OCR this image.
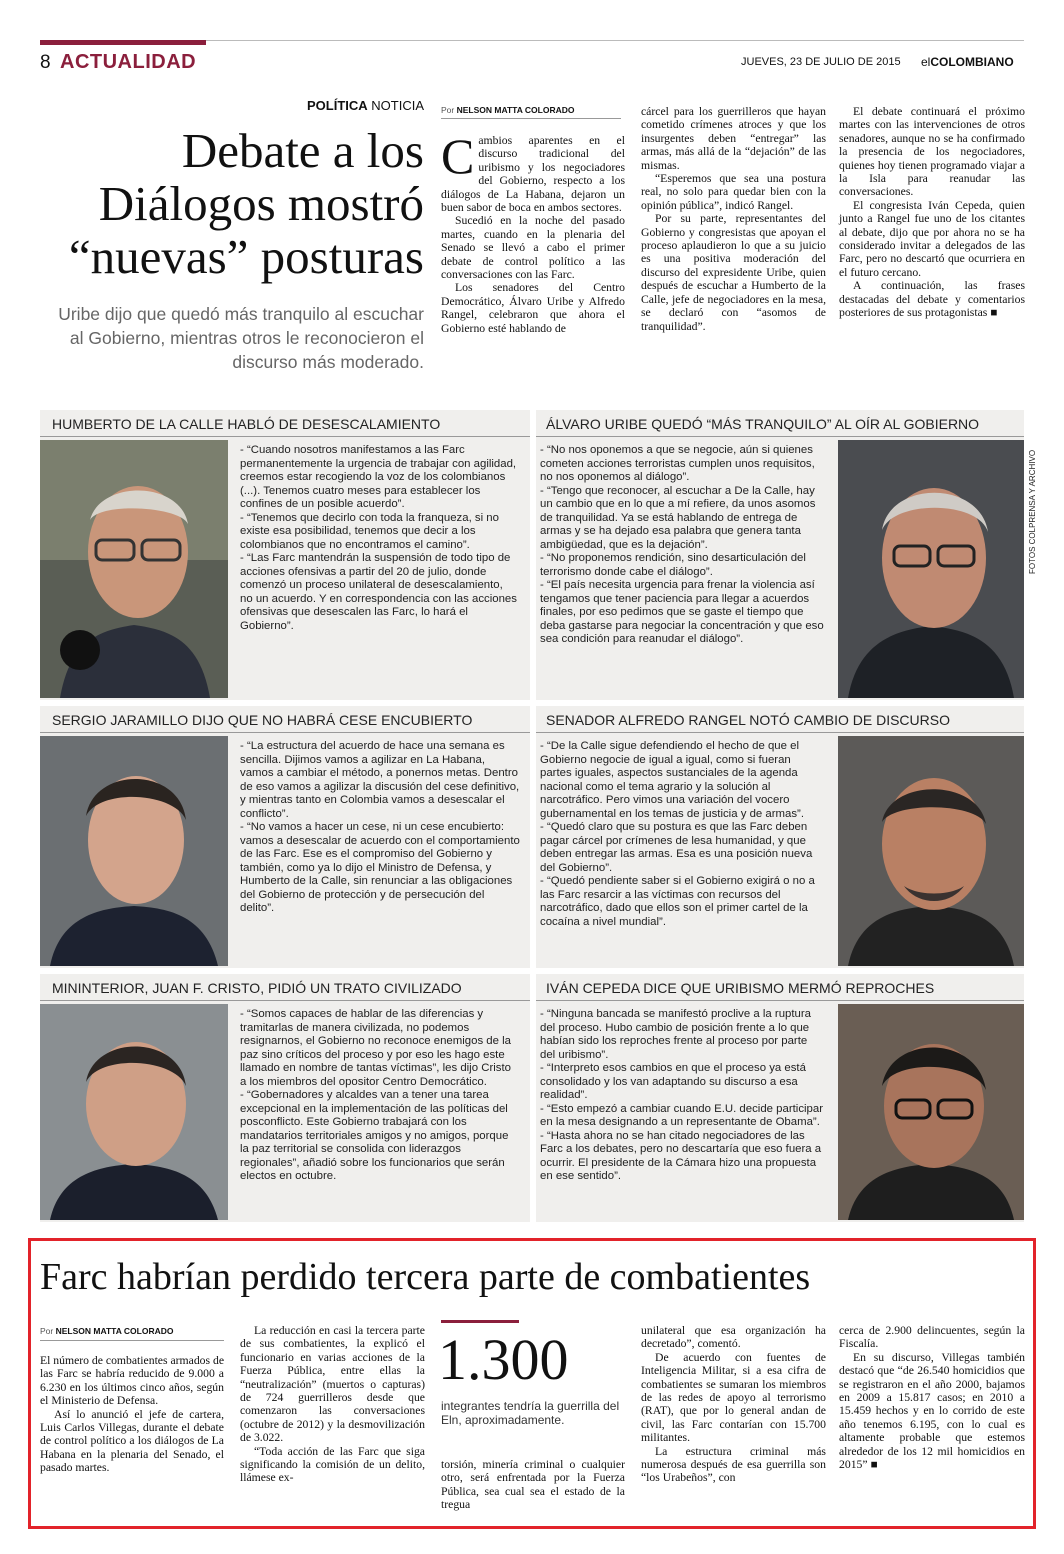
8 ACTUALIDAD	JUEVES, 23 DE JULIO DE 2015 elCOLOMBIANO
POLÍTICA NOTICIA
Debate a los
Diálogos mostró
“nuevas” posturas
Uribe dijo que quedó más tranquilo al escuchar al Gobierno, mientras otros le reconocieron el discurso más moderado.
Por NELSON MATTA COLORADO

Cambios aparentes en el discurso tradicional del uribismo y los negociadores del Gobierno, respecto a los diálogos de La Habana, dejaron un buen sabor de boca en ambos sectores.

Sucedió en la noche del pasado martes, cuando en la plenaria del Senado se llevó a cabo el primer debate de control político a las conversaciones con las Farc.

Los senadores del Centro Democrático, Álvaro Uribe y Alfredo Rangel, celebraron que ahora el Gobierno esté hablando de

cárcel para los guerrilleros que hayan cometido crímenes atroces y que los insurgentes deben “entregar” las armas, más allá de la “dejación” de las mismas.

“Esperemos que sea una postura real, no solo para quedar bien con la opinión pública”, indicó Rangel.

Por su parte, representantes del Gobierno y congresistas que apoyan el proceso aplaudieron lo que a su juicio es una positiva moderación del discurso del expresidente Uribe, quien después de escuchar a Humberto de la Calle, jefe de negociadores en la mesa, se declaró con “asomos de tranquilidad”.

El debate continuará el próximo martes con las intervenciones de otros senadores, aunque no se ha confirmado la presencia de los negociadores, quienes hoy tienen programado viajar a la Isla para reanudar las conversaciones.

El congresista Iván Cepeda, quien junto a Rangel fue uno de los citantes al debate, dijo que por ahora no se ha considerado invitar a delegados de las Farc, pero no descartó que ocurriera en el futuro cercano.

A continuación, las frases destacadas del debate y comentarios posteriores de sus protagonistas ■

HUMBERTO DE LA CALLE HABLÓ DE DESESCALAMIENTO

- “Cuando nosotros manifestamos a las Farc permanentemente la urgencia de trabajar con agilidad, creemos estar recogiendo la voz de los colombianos (...). Tenemos cuatro meses para establecer los confines de un posible acuerdo”.

- “Tenemos que decirlo con toda la franqueza, si no existe esa posibilidad, tenemos que decir a los colombianos que no encontramos el camino”.

- “Las Farc mantendrán la suspensión de todo tipo de acciones ofensivas a partir del 20 de julio, donde comenzó un proceso unilateral de desescalamiento, no un acuerdo. Y en correspondencia con las acciones ofensivas que desescalen las Farc, lo hará el Gobierno”.

ÁLVARO URIBE QUEDÓ “MÁS TRANQUILO” AL OÍR AL GOBIERNO

- “No nos oponemos a que se negocie, aún si quienes cometen acciones terroristas cumplen unos requisitos, no nos oponemos al diálogo”.

- “Tengo que reconocer, al escuchar a De la Calle, hay un cambio que en lo que a mí refiere, da unos asomos de tranquilidad. Ya se está hablando de entrega de armas y se ha dejado esa palabra que genera tanta ambigüedad, que es la dejación”.

- “No proponemos rendición, sino desarticulación del terrorismo donde cabe el diálogo”.

- “El país necesita urgencia para frenar la violencia así tengamos que tener paciencia para llegar a acuerdos finales, por eso pedimos que se gaste el tiempo que deba gastarse para negociar la concentración y que eso sea condición para reanudar el diálogo”.

FOTOS COLPRENSA Y ARCHIVO
SERGIO JARAMILLO DIJO QUE NO HABRÁ CESE ENCUBIERTO

- “La estructura del acuerdo de hace una semana es sencilla. Dijimos vamos a agilizar en La Habana, vamos a cambiar el método, a ponernos metas. Dentro de eso vamos a agilizar la discusión del cese definitivo, y mientras tanto en Colombia vamos a desescalar el conflicto”.

- “No vamos a hacer un cese, ni un cese encubierto: vamos a desescalar de acuerdo con el comportamiento de las Farc. Ese es el compromiso del Gobierno y también, como ya lo dijo el Ministro de Defensa, y Humberto de la Calle, sin renunciar a las obligaciones del Gobierno de protección y de persecución del delito”.

SENADOR ALFREDO RANGEL NOTÓ CAMBIO DE DISCURSO

- “De la Calle sigue defendiendo el hecho de que el Gobierno negocie de igual a igual, como si fueran partes iguales, aspectos sustanciales de la agenda nacional como el tema agrario y la solución al narcotráfico. Pero vimos una variación del vocero gubernamental en los temas de justicia y de armas”.

- “Quedó claro que su postura es que las Farc deben pagar cárcel por crímenes de lesa humanidad, y que deben entregar las armas. Esa es una posición nueva del Gobierno”.

- “Quedó pendiente saber si el Gobierno exigirá o no a las Farc resarcir a las víctimas con recursos del narcotráfico, dado que ellos son el primer cartel de la cocaína a nivel mundial”.

MININTERIOR, JUAN F. CRISTO, PIDIÓ UN TRATO CIVILIZADO

- “Somos capaces de hablar de las diferencias y tramitarlas de manera civilizada, no podemos resignarnos, el Gobierno no reconoce enemigos de la paz sino críticos del proceso y por eso les hago este llamado en nombre de tantas víctimas”, les dijo Cristo a los miembros del opositor Centro Democrático.

- “Gobernadores y alcaldes van a tener una tarea excepcional en la implementación de las políticas del posconflicto. Este Gobierno trabajará con los mandatarios territoriales amigos y no amigos, porque la paz territorial se consolida con liderazgos regionales”, añadió sobre los funcionarios que serán electos en octubre.

IVÁN CEPEDA DICE QUE URIBISMO MERMÓ REPROCHES

- “Ninguna bancada se manifestó proclive a la ruptura del proceso. Hubo cambio de posición frente a lo que habían sido los reproches frente al proceso por parte del uribismo”.

- “Interpreto esos cambios en que el proceso ya está consolidado y los van adaptando su discurso a esa realidad”.

- “Esto empezó a cambiar cuando E.U. decide participar en la mesa designando a un representante de Obama”.

- “Hasta ahora no se han citado negociadores de las Farc a los debates, pero no descartaría que eso fuera a ocurrir. El presidente de la Cámara hizo una propuesta en ese sentido”.

Farc habrían perdido tercera parte de combatientes
Por NELSON MATTA COLORADO

El número de combatientes armados de las Farc se habría reducido de 9.000 a 6.230 en los últimos cinco años, según el Ministerio de Defensa.

Así lo anunció el jefe de cartera, Luis Carlos Villegas, durante el debate de control político a los diálogos de La Habana en la plenaria del Senado, el pasado martes.

La reducción en casi la tercera parte de sus combatientes, la explicó el funcionario en varias acciones de la Fuerza Pública, entre ellas la “neutralización” (muertos o capturas) de 724 guerrilleros desde que comenzaron las conversaciones (octubre de 2012) y la desmovilización de 3.022.

“Toda acción de las Farc que siga significando la comisión de un delito, llámese ex-

1.300
integrantes tendría la guerrilla del Eln, aproximadamente.

torsión, minería criminal o cualquier otro, será enfrentada por la Fuerza Pública, sea cual sea el estado de la tregua

unilateral que esa organización ha decretado”, comentó.

De acuerdo con fuentes de Inteligencia Militar, si a esa cifra de combatientes se sumaran los miembros de las redes de apoyo al terrorismo (RAT), que por lo general andan de civil, las Farc contarían con 15.700 militantes.

La estructura criminal más numerosa después de esa guerrilla son “los Urabeños”, con

cerca de 2.900 delincuentes, según la Fiscalía.

En su discurso, Villegas también destacó que “de 26.540 homicidios que se registraron en el año 2000, bajamos en 2009 a 15.817 casos; en 2010 a 15.459 hechos y en lo corrido de este año tenemos 6.195, con lo cual es altamente probable que estemos alrededor de los 12 mil homicidios en 2015” ■
